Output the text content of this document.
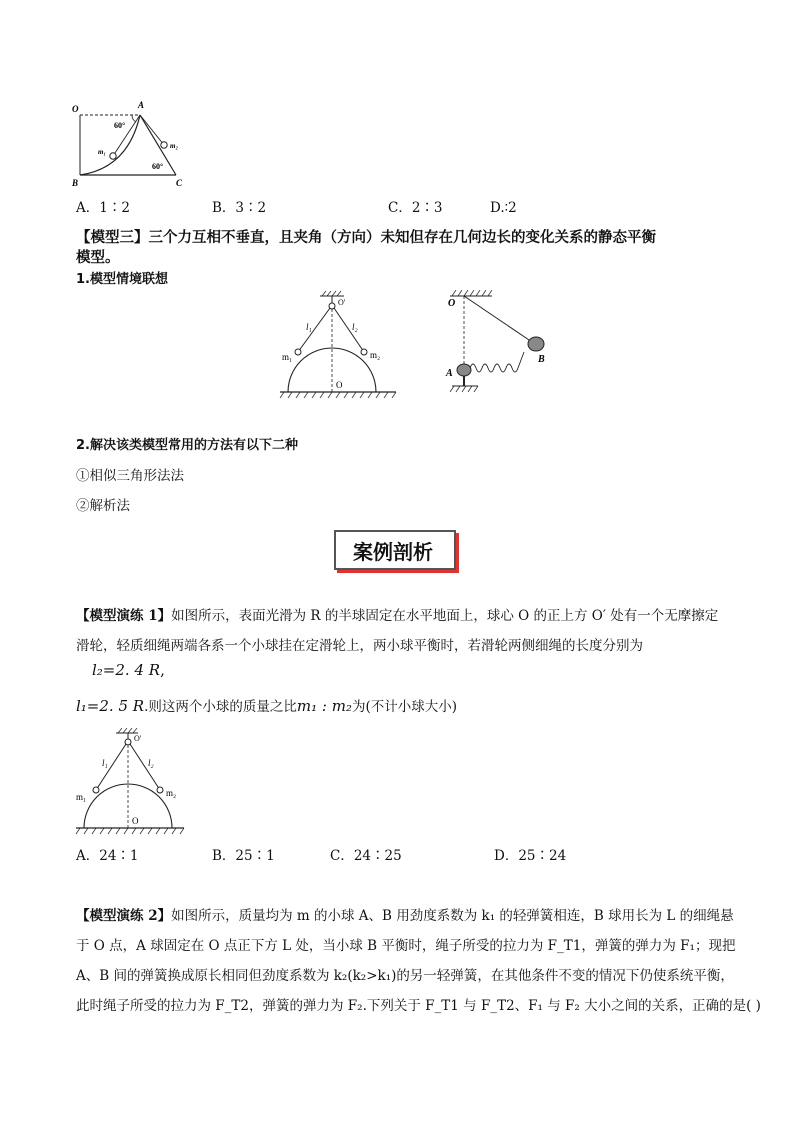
O	A
B	C
m₁
m₂
60°
60°
A．1∶2	B．3∶2	C．2∶3	D.∶2
【模型三】三个力互相不垂直，且夹角（方向）未知但存在几何边长的变化关系的静态平衡
模型。
1.模型情境联想
O'
l₁	l₂
m₁	m₂
O
O
A
B
2.解决该类模型常用的方法有以下二种
①相似三角形法法
②解析法
案例剖析
【模型演练 1】如图所示，表面光滑为 R 的半球固定在水平地面上，球心 O 的正上方 O′ 处有一个无摩擦定
滑轮，轻质细绳两端各系一个小球挂在定滑轮上，两小球平衡时，若滑轮两侧细绳的长度分别为
l₂=2. 4 R,
l₁=2. 5 R.则这两个小球的质量之比m₁ : m₂为(不计小球大小)
O'
l₁	l₂
m₁	m₂
O
A．24∶1	B．25∶1	C．24∶25	D．25∶24
【模型演练 2】如图所示，质量均为 m 的小球 A、B 用劲度系数为 k₁ 的轻弹簧相连，B 球用长为 L 的细绳悬
于 O 点，A 球固定在 O 点正下方 L 处，当小球 B 平衡时，绳子所受的拉力为 F_T1，弹簧的弹力为 F₁；现把
A、B 间的弹簧换成原长相同但劲度系数为 k₂(k₂>k₁)的另一轻弹簧，在其他条件不变的情况下仍使系统平衡，
此时绳子所受的拉力为 F_T2，弹簧的弹力为 F₂.下列关于 F_T1 与 F_T2、F₁ 与 F₂ 大小之间的关系，正确的是( )
